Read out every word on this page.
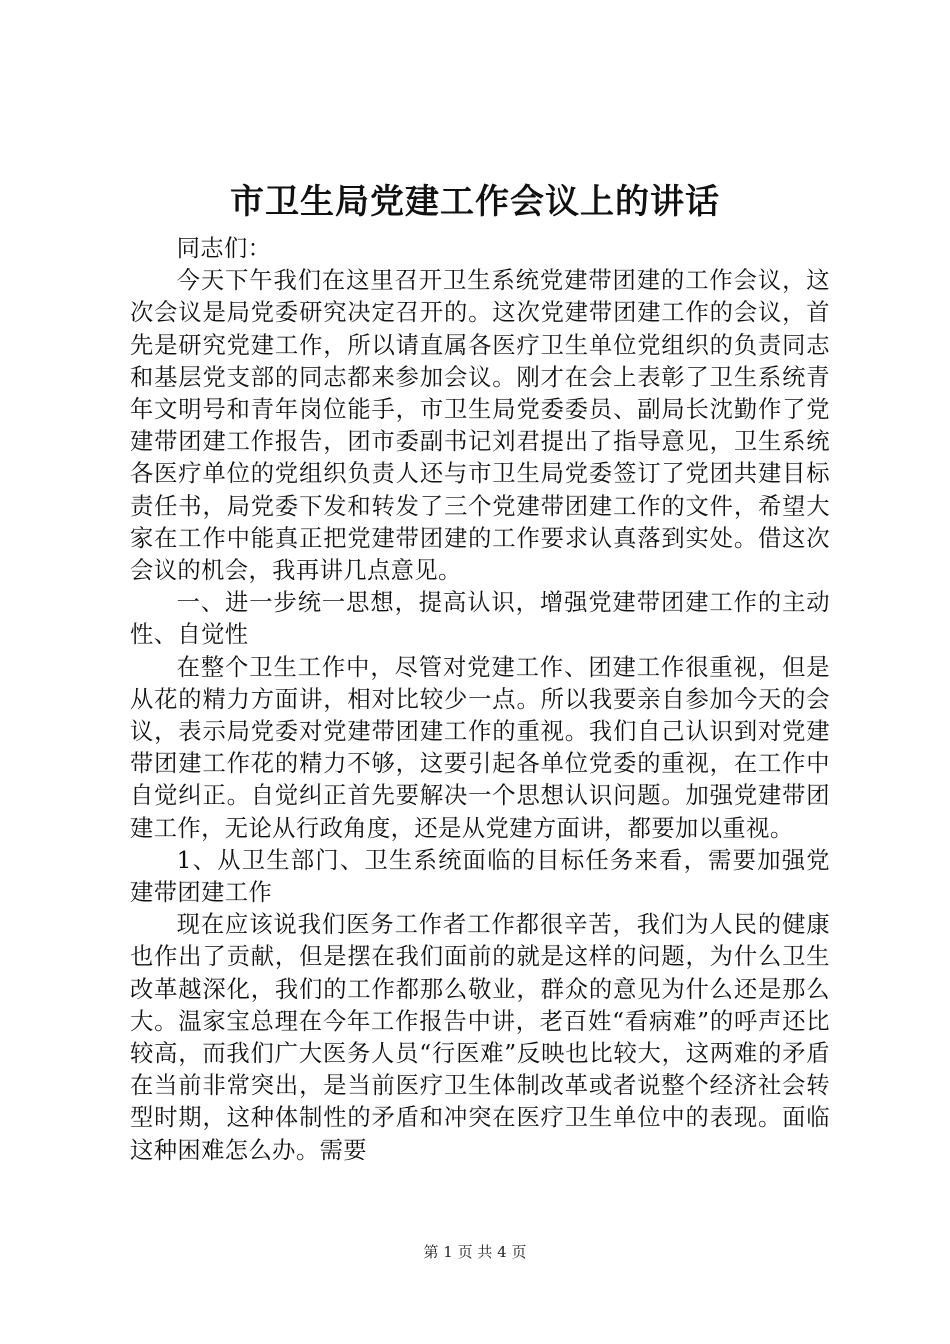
市卫生局党建工作会议上的讲话

同志们：

今天下午我们在这里召开卫生系统党建带团建的工作会议，这次会议是局党委研究决定召开的。这次党建带团建工作的会议，首先是研究党建工作，所以请直属各医疗卫生单位党组织的负责同志和基层党支部的同志都来参加会议。刚才在会上表彰了卫生系统青年文明号和青年岗位能手，市卫生局党委委员、副局长沈勤作了党建带团建工作报告，团市委副书记刘君提出了指导意见，卫生系统各医疗单位的党组织负责人还与市卫生局党委签订了党团共建目标责任书，局党委下发和转发了三个党建带团建工作的文件，希望大家在工作中能真正把党建带团建的工作要求认真落到实处。借这次会议的机会，我再讲几点意见。

一、进一步统一思想，提高认识，增强党建带团建工作的主动性、自觉性

在整个卫生工作中，尽管对党建工作、团建工作很重视，但是从花的精力方面讲，相对比较少一点。所以我要亲自参加今天的会议，表示局党委对党建带团建工作的重视。我们自己认识到对党建带团建工作花的精力不够，这要引起各单位党委的重视，在工作中自觉纠正。自觉纠正首先要解决一个思想认识问题。加强党建带团建工作，无论从行政角度，还是从党建方面讲，都要加以重视。

1、从卫生部门、卫生系统面临的目标任务来看，需要加强党建带团建工作

现在应该说我们医务工作者工作都很辛苦，我们为人民的健康也作出了贡献，但是摆在我们面前的就是这样的问题，为什么卫生改革越深化，我们的工作都那么敬业，群众的意见为什么还是那么大。温家宝总理在今年工作报告中讲，老百姓“看病难”的呼声还比较高，而我们广大医务人员“行医难”反映也比较大，这两难的矛盾在当前非常突出，是当前医疗卫生体制改革或者说整个经济社会转型时期，这种体制性的矛盾和冲突在医疗卫生单位中的表现。面临这种困难怎么办。需要

第 1 页 共 4 页
